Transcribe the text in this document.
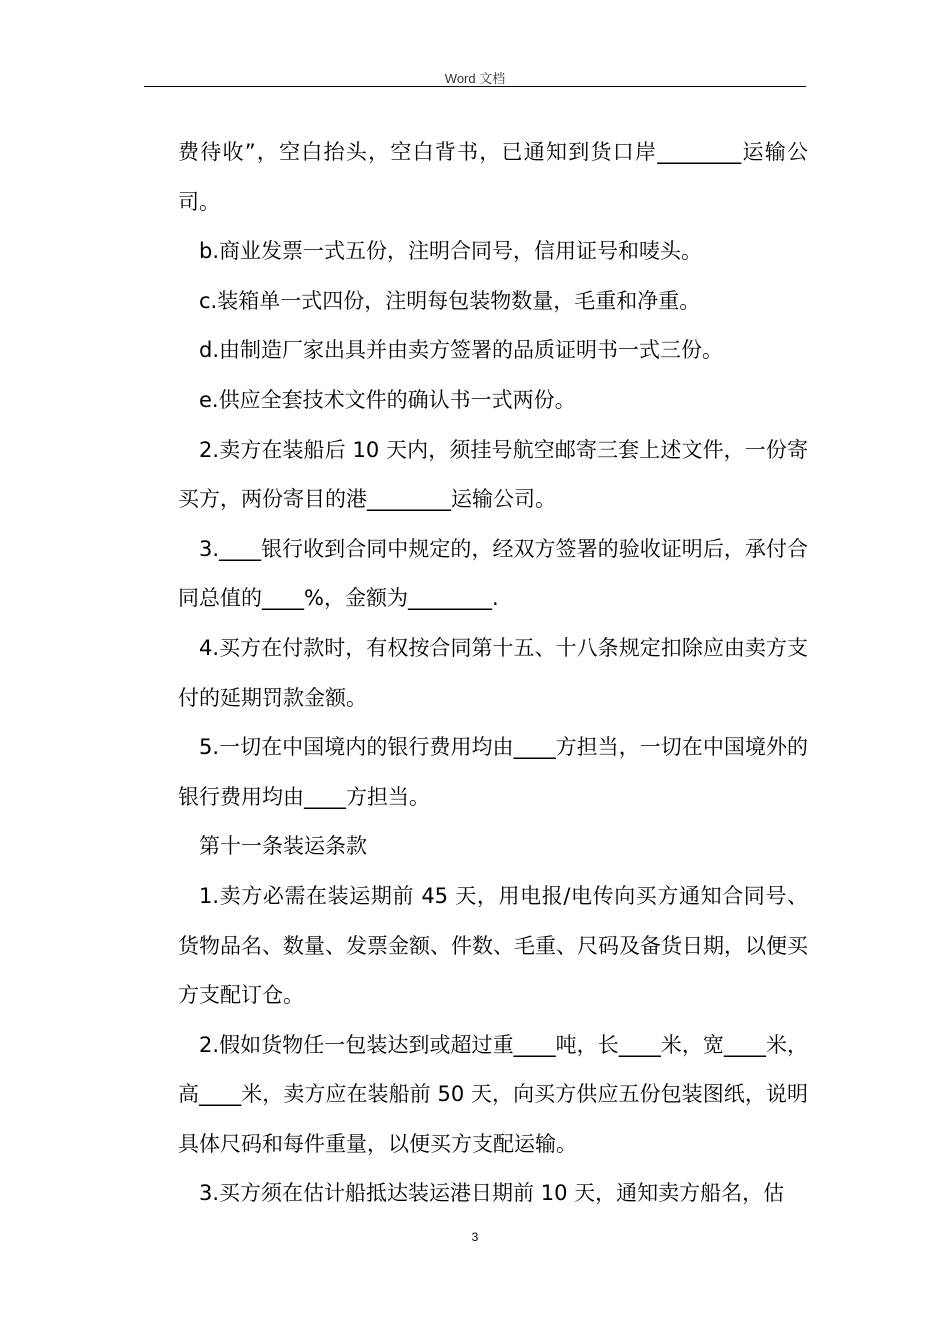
Word 文档

费待收”，空白抬头，空白背书，已通知到货口岸________运输公司。

b.商业发票一式五份，注明合同号，信用证号和唛头。

c.装箱单一式四份，注明每包装物数量，毛重和净重。

d.由制造厂家出具并由卖方签署的品质证明书一式三份。

e.供应全套技术文件的确认书一式两份。

2.卖方在装船后 10 天内，须挂号航空邮寄三套上述文件，一份寄买方，两份寄目的港________运输公司。

3.____银行收到合同中规定的，经双方签署的验收证明后，承付合同总值的____%，金额为________.

4.买方在付款时，有权按合同第十五、十八条规定扣除应由卖方支付的延期罚款金额。

5.一切在中国境内的银行费用均由____方担当，一切在中国境外的银行费用均由____方担当。

第十一条装运条款

1.卖方必需在装运期前 45 天，用电报/电传向买方通知合同号、货物品名、数量、发票金额、件数、毛重、尺码及备货日期，以便买方支配订仓。

2.假如货物任一包装达到或超过重____吨，长____米，宽____米，高____米，卖方应在装船前 50 天，向买方供应五份包装图纸，说明具体尺码和每件重量，以便买方支配运输。

3.买方须在估计船抵达装运港日期前 10 天，通知卖方船名，估

3
